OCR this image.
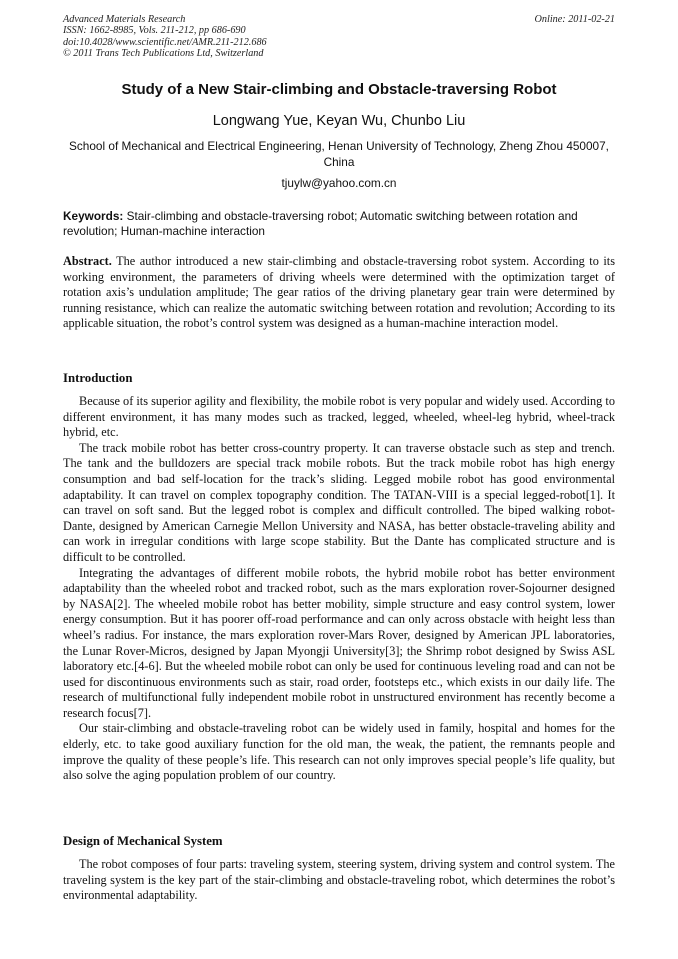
Advanced Materials Research
ISSN: 1662-8985, Vols. 211-212, pp 686-690
doi:10.4028/www.scientific.net/AMR.211-212.686
© 2011 Trans Tech Publications Ltd, Switzerland
Online: 2011-02-21
Study of a New Stair-climbing and Obstacle-traversing Robot
Longwang Yue, Keyan Wu, Chunbo Liu
School of Mechanical and Electrical Engineering, Henan University of Technology, Zheng Zhou 450007, China
tjuylw@yahoo.com.cn
Keywords: Stair-climbing and obstacle-traversing robot; Automatic switching between rotation and revolution; Human-machine interaction
Abstract. The author introduced a new stair-climbing and obstacle-traversing robot system. According to its working environment, the parameters of driving wheels were determined with the optimization target of rotation axis’s undulation amplitude; The gear ratios of the driving planetary gear train were determined by running resistance, which can realize the automatic switching between rotation and revolution; According to its applicable situation, the robot’s control system was designed as a human-machine interaction model.
Introduction

Because of its superior agility and flexibility, the mobile robot is very popular and widely used. According to different environment, it has many modes such as tracked, legged, wheeled, wheel-leg hybrid, wheel-track hybrid, etc.

The track mobile robot has better cross-country property. It can traverse obstacle such as step and trench. The tank and the bulldozers are special track mobile robots. But the track mobile robot has high energy consumption and bad self-location for the track’s sliding. Legged mobile robot has good environmental adaptability. It can travel on complex topography condition. The TATAN-VIII is a special legged-robot[1]. It can travel on soft sand. But the legged robot is complex and difficult controlled. The biped walking robot-Dante, designed by American Carnegie Mellon University and NASA, has better obstacle-traveling ability and can work in irregular conditions with large scope stability. But the Dante has complicated structure and is difficult to be controlled.

Integrating the advantages of different mobile robots, the hybrid mobile robot has better environment adaptability than the wheeled robot and tracked robot, such as the mars exploration rover-Sojourner designed by NASA[2]. The wheeled mobile robot has better mobility, simple structure and easy control system, lower energy consumption. But it has poorer off-road performance and can only across obstacle with height less than wheel’s radius. For instance, the mars exploration rover-Mars Rover, designed by American JPL laboratories, the Lunar Rover-Micros, designed by Japan Myongji University[3]; the Shrimp robot designed by Swiss ASL laboratory etc.[4-6]. But the wheeled mobile robot can only be used for continuous leveling road and can not be used for discontinuous environments such as stair, road order, footsteps etc., which exists in our daily life. The research of multifunctional fully independent mobile robot in unstructured environment has recently become a research focus[7].

Our stair-climbing and obstacle-traveling robot can be widely used in family, hospital and homes for the elderly, etc. to take good auxiliary function for the old man, the weak, the patient, the remnants people and improve the quality of these people’s life. This research can not only improves special people’s life quality, but also solve the aging population problem of our country.

Design of Mechanical System

The robot composes of four parts: traveling system, steering system, driving system and control system. The traveling system is the key part of the stair-climbing and obstacle-traveling robot, which determines the robot’s environmental adaptability.
